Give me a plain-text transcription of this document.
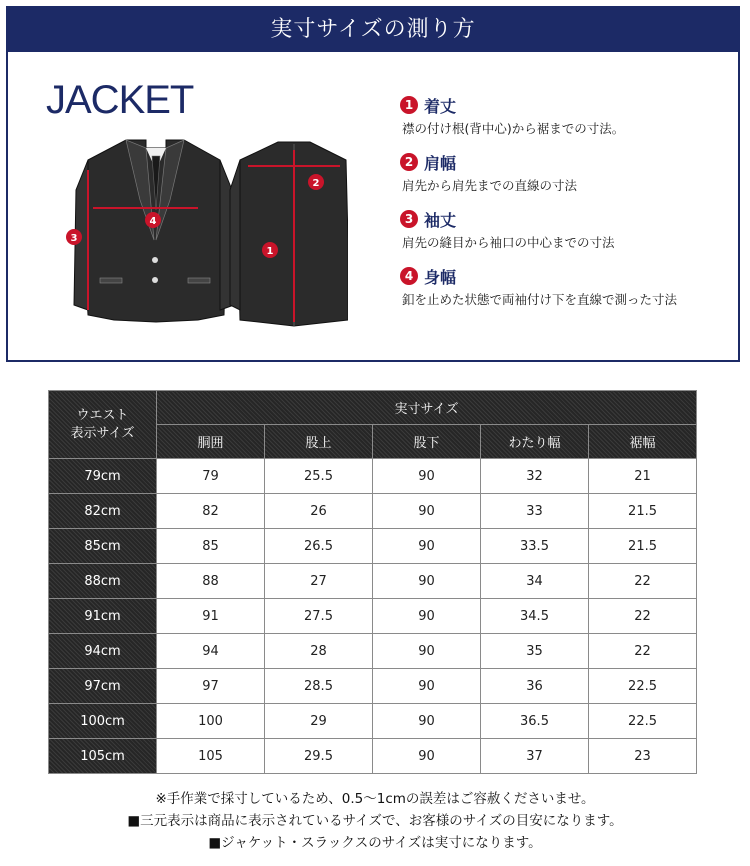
実寸サイズの測り方
JACKET
4
3
2
1
1 着丈
襟の付け根(背中心)から裾までの寸法。
2 肩幅
肩先から肩先までの直線の寸法
3 袖丈
肩先の縫目から袖口の中心までの寸法
4 身幅
釦を止めた状態で両袖付け下を直線で測った寸法
ウエスト
表示サイズ	実寸サイズ				
	胴囲	股上	股下	わたり幅	裾幅
79cm	79	25.5	90	32	21
82cm	82	26	90	33	21.5
85cm	85	26.5	90	33.5	21.5
88cm	88	27	90	34	22
91cm	91	27.5	90	34.5	22
94cm	94	28	90	35	22
97cm	97	28.5	90	36	22.5
100cm	100	29	90	36.5	22.5
105cm	105	29.5	90	37	23
※手作業で採寸しているため、0.5～1cmの誤差はご容赦くださいませ。
■三元表示は商品に表示されているサイズで、お客様のサイズの目安になります。
■ジャケット・スラックスのサイズは実寸になります。
